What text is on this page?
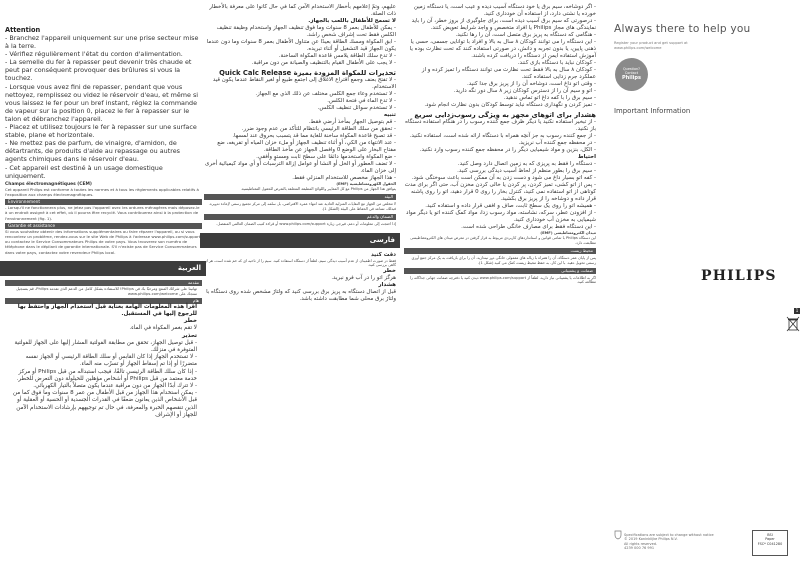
Attention

- Branchez l'appareil uniquement sur une prise secteur mise à la terre.

- Vérifiez régulièrement l'état du cordon d'alimentation.

- La semelle du fer à repasser peut devenir très chaude et peut par conséquent provoquer des brûlures si vous la touchez.

- Lorsque vous avez fini de repasser, pendant que vous nettoyez, remplissez ou videz le réservoir d'eau, et même si vous laissez le fer pour un bref instant, réglez la commande de vapeur sur la position 0, placez le fer à repasser sur le talon et débranchez l'appareil.

- Placez et utilisez toujours le fer à repasser sur une surface stable, plane et horizontale.

- Ne mettez pas de parfum, de vinaigre, d'amidon, de détartrants, de produits d'aide au repassage ou autres agents chimiques dans le réservoir d'eau.

- Cet appareil est destiné à un usage domestique uniquement.

Champs électromagnétiques (CEM)

Cet appareil Philips est conforme à toutes les normes et à tous les règlements applicables relatifs à l'exposition aux champs électromagnétiques.

Environnement

- Lorsqu'il ne fonctionnera plus, ne jetez pas l'appareil avec les ordures ménagères mais déposez-le à un endroit assigné à cet effet, où il pourra être recyclé. Vous contribuerez ainsi à la protection de l'environnement (fig. 1).

Garantie et assistance

Si vous souhaitez obtenir des informations supplémentaires ou faire réparer l'appareil, ou si vous rencontrez un problème, rendez-vous sur le site Web de Philips à l'adresse www.philips.com/support ou contactez le Service Consommateurs Philips de votre pays. Vous trouverez son numéro de téléphone dans le dépliant de garantie internationale. S'il n'existe pas de Service Consommateurs dans votre pays, contactez votre revendeur Philips local.

العربية
مقدمة

تهانينا على شرائك المنتج ومرحبًا بك في Philips! للاستفادة بشكل كامل من الدعم الذي تقدمه Philips، قم بتسجيل منتجك على www.philips.com/welcome

هام

اقرأ هذه المعلومات الهامة بعناية قبل استخدام الجهاز واحتفظ بها للرجوع إليها في المستقبل.

خطر

لا تقم بغمر المكواة في الماء.

تحذير

- قبل توصيل الجهاز، تحقق من مطابقة الفولتية المشار إليها على الجهاز للفولتية المتوفرة في منزلك.

- لا تستخدم الجهاز إذا كان القابس أو سلك الطاقة الرئيسي أو الجهاز نفسه متضررًا أو إذا تم إسقاط الجهاز أو تسرّب منه الماء.

- إذا كان سلك الطاقة الرئيسي تالفًا، فيجب استبداله من قبل Philips أو مركز خدمة معتمد من قبل Philips أو أشخاص مؤهلين للحيلولة دون التعرض للخطر.

- لا تترك أبدًا الجهاز من دون مراقبة عندما يكون متصلاً بالتيار الكهربائي.

- يمكن استخدام هذا الجهاز من قبل الأطفال من عمر 8 سنوات وما فوق كما من قبل الأشخاص الذين يعانون ضعفًا في القدرات الجسدية أو الحسية أو العقلية أو الذين تنقصهم الخبرة والمعرفة، في حال تم توجيههم بإرشادات الاستخدام الآمن للجهاز أو الإشراف

عليهم، وتمّ إعلامهم بأخطار الاستخدام الآمن كما في حال كانوا على معرفة بالأخطار ذات الصلة.

لا تسمح للأطفال باللعب بالجهاز.

- يمكن للأطفال بعمر 8 سنوات وما فوق تنظيف الجهاز واستخدام وظيفة تنظيف الكلس فقط تحت إشراف شخص راشد.

- ابق المكواة ومسك الطاقة بعيدًا عن متناول الأطفال بعمر 8 سنوات وما دون عندما يكون الجهاز قيد التشغيل أو أثناء تبريده.

- لا تدع سلك الطاقة يلامس قاعدة المكواة الساخنة.

- لا يجب على الأطفال القيام بالتنظيف والصيانة من دون مراقبة.

تحذيرات للمكواة المزودة بميزة Quick Calc Release

- لا تفتح بعنف وجمع اقتراع الاغلاق إلى اجتمع طبيع أو لغير النقاط عندما يكون قيد الاستخدام.

- لا تستخدم وعاء جمع الكلس مختلف عن ذلك الذي مع الجهاز.

- لا تدع الماء في فتحة الكلس.

- لا تستخدم سوائل تنظيف الكلس.

تنبيه

- قم بتوصيل الجهاز بمأخذ أرضي فقط.

- تحقق من سلك الطاقة الرئيسي بانتظام للتأكد من عدم وجود ضرر.

- قد تصبح قاعدة المكواة ساخنة للغاية مما قد يتسبب بحروق عند لمسها.

- عند الانتهاء من الكي، أو أثناء تنظيف الجهاز أو ملء خزان المياه أو تفريغه، ضع مفتاح البخار على الوضع 0 وافصل الجهاز عن مأخذ الطاقة.

- ضع المكواة واستخدمها دائمًا على سطح ثابت ومستوٍ وأفقي.

- لا تضف العطور أو الخل أو النشا أو عوامل إزالة الترسبات أو أي مواد كيميائية أخرى إلى خزان الماء.

- هذا الجهاز مخصص للاستخدام المنزلي فقط.

الحقول الكهرومغناطيسية (EMF)

يتوافق هذا الجهاز من Philips مع كل المعايير واللوائح المطبقة المتعلقة بالتعرض للحقول المغناطيسية.

البيئة

لا تتخلص من الجهاز مع النفايات المنزلية العادية عند انتهاء عمره الافتراضي، بل سلمه إلى مركز تجميع رسمي لإعادة تدويره. فبذلك، تساعد في الحفاظ على البيئة (الشكل 1).

الضمان والدعم

إذا احتجت إلى معلومات أو دعم، فيرجى زيارة www.philips.com/support أو قراءة كتيب الضمان العالمي المنفصل.

فارسی

دقت کنید

فقط در صورت اطمینان از عدم آسیب دیدگی سیم، لطفاً از دستگاه استفاده کنید. سیم را از ناحیه ای که خم شده است، هر از گاهی بررسی کنید.

خطر

هرگز اتو را در آب فرو نبرید.

هشدار

قبل از اتصال دستگاه به پریز برق بررسی کنید که ولتاژ مشخص شده روی دستگاه با ولتاژ برق محلی شما مطابقت داشته باشد.

- اگر دوشاخه، سیم برق یا خود دستگاه آسیب دیده و عیب است، یا دستگاه زمین خورده یا نشتی دارد، از استفاده آن خودداری کنید.

- درصورتی که سیم برق آسیب دیده است، برای جلوگیری از بروز خطر، آن را باید نمایندگی های مجاز Philips یا افراد متخصص و واجد شرایط تعویض کنند.

- هنگامی که دستگاه به پریز برق متصل است، آن را رها نکنید.

- این دستگاه را می توانند کودکان ۸ سال به بالا و افراد با توانایی جسمی، حسی یا ذهنی پایین، یا بدون تجربه و دانش، در صورتی استفاده کنند که تحت نظارت بوده یا آموزش استفاده ایمن از دستگاه را دریافت کرده باشند.

- کودکان نباید با دستگاه بازی کنند.

- کودکان ۸ سال به بالا فقط تحت نظارت می توانند دستگاه را تمیز کرده و از عملکرد جرم زدایی استفاده کنند.

- وقتی اتو داغ است، دوشاخه آن را از پریز برق جدا کنید.

- اتو و سیم آن را از دسترس کودکان زیر ۸ سال دور نگه دارید.

- سیم برق را با کفه داغ اتو تماس ندهید.

- تمیز کردن و نگهداری دستگاه نباید توسط کودکان بدون نظارت انجام شود.

هشدار برای اتوهای مجهز به ویژگی رسوب‌زدایی سریع

- از تبخیر استفاده نکنید یا دیگر ظرف جمع کننده رسوب را در هنگام استفاده دستگاه باز نکنید.

- از جمع کننده رسوب به جز آنچه همراه با دستگاه ارائه شده است، استفاده نکنید.

- در محفظه جمع کننده آب نریزید.

- الکل، بنزین و مواد شیمیایی دیگر را در محفظه جمع کننده رسوب وارد نکنید.

احتیاط

- دستگاه را فقط به پریزی که به زمین اتصال دارد وصل کنید.

- سیم برق را بطور منظم از لحاظ آسیب دیدگی بررسی کنید.

- کفه اتو بسیار داغ می شود و دست زدن به آن ممکن است باعث سوختگی شود.

- پس از اتو کشی، تمیز کردن، پر کردن یا خالی کردن مخزن آب، حتی اگر برای مدت کوتاهی از اتو استفاده نمی کنید، کنترل بخار را روی 0 قرار دهید، اتو را روی پاشنه قرار داده و دوشاخه را از پریز برق بکشید.

- همیشه اتو را روی یک سطح ثابت، صاف و افقی قرار داده و استفاده کنید.

- از افزودن عطر، سرکه، نشاسته، مواد رسوب زدا، مواد کمک کننده اتو یا دیگر مواد شیمیایی به مخزن آب خودداری کنید.

- این دستگاه فقط برای مصارف خانگی طراحی شده است.

میدان الکترومغناطیسی (EMF)

این دستگاه Philips با تمامی قوانین و استانداردهای کاربردی مربوط به قرار گرفتن در معرض میدان های الکترومغناطیسی مطابقت دارد.

محیط زیست

پس از پایان عمر دستگاه، آن را همراه با زباله های معمولی خانگی دور نیندازید. آن را برای بازیافت به یک مرکز جمع آوری رسمی تحویل دهید. با این کار، به حفظ محیط زیست کمک می کنید (شکل 1).

ضمانت و پشتیبانی

اگر به اطلاعات یا پشتیبانی نیاز دارید، لطفاً از www.philips.com/support دیدن کنید یا دفترچه ضمانت جهانی جداگانه را مطالعه کنید.

Always there to help you
Register your product and get support at
www.philips.com/welcome
Question?
Contact
Philips
Important Information
PHILIPS
1
Specifications are subject to change without notice
© 2019 Koninklijke Philips N.V.
All rights reserved.
4239 000 76 991
BSI
Paper
FSC* C041280
